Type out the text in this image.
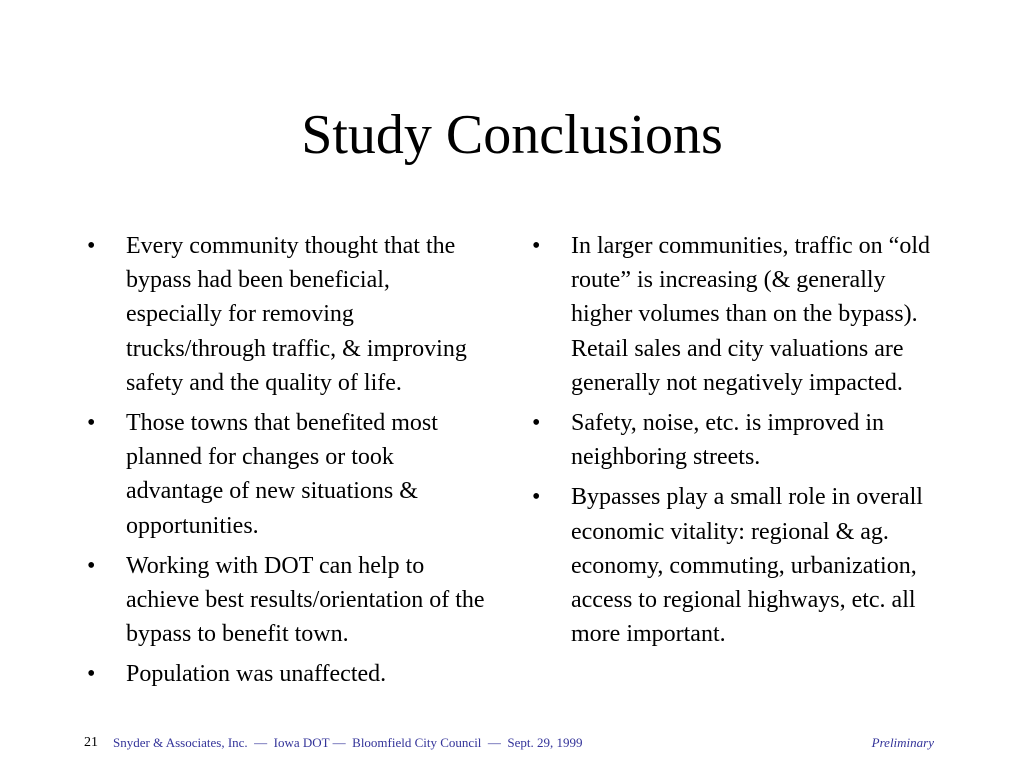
Study Conclusions
• Every community thought that the bypass had been beneficial, especially for removing trucks/through traffic, & improving safety and the quality of life.
• Those towns that benefited most planned for changes or took advantage of new situations & opportunities.
• Working with DOT can help to achieve best results/orientation of the bypass to benefit town.
• Population was unaffected.
• In larger communities, traffic on “old route” is increasing (& generally higher volumes than on the bypass). Retail sales and city valuations are generally not negatively impacted.
• Safety, noise, etc. is improved in neighboring streets.
• Bypasses play a small role in overall economic vitality: regional & ag. economy, commuting, urbanization, access to regional highways, etc. all more important.
21 Snyder & Associates, Inc.  —  Iowa DOT —  Bloomfield City Council  —  Sept. 29, 1999	Preliminary
